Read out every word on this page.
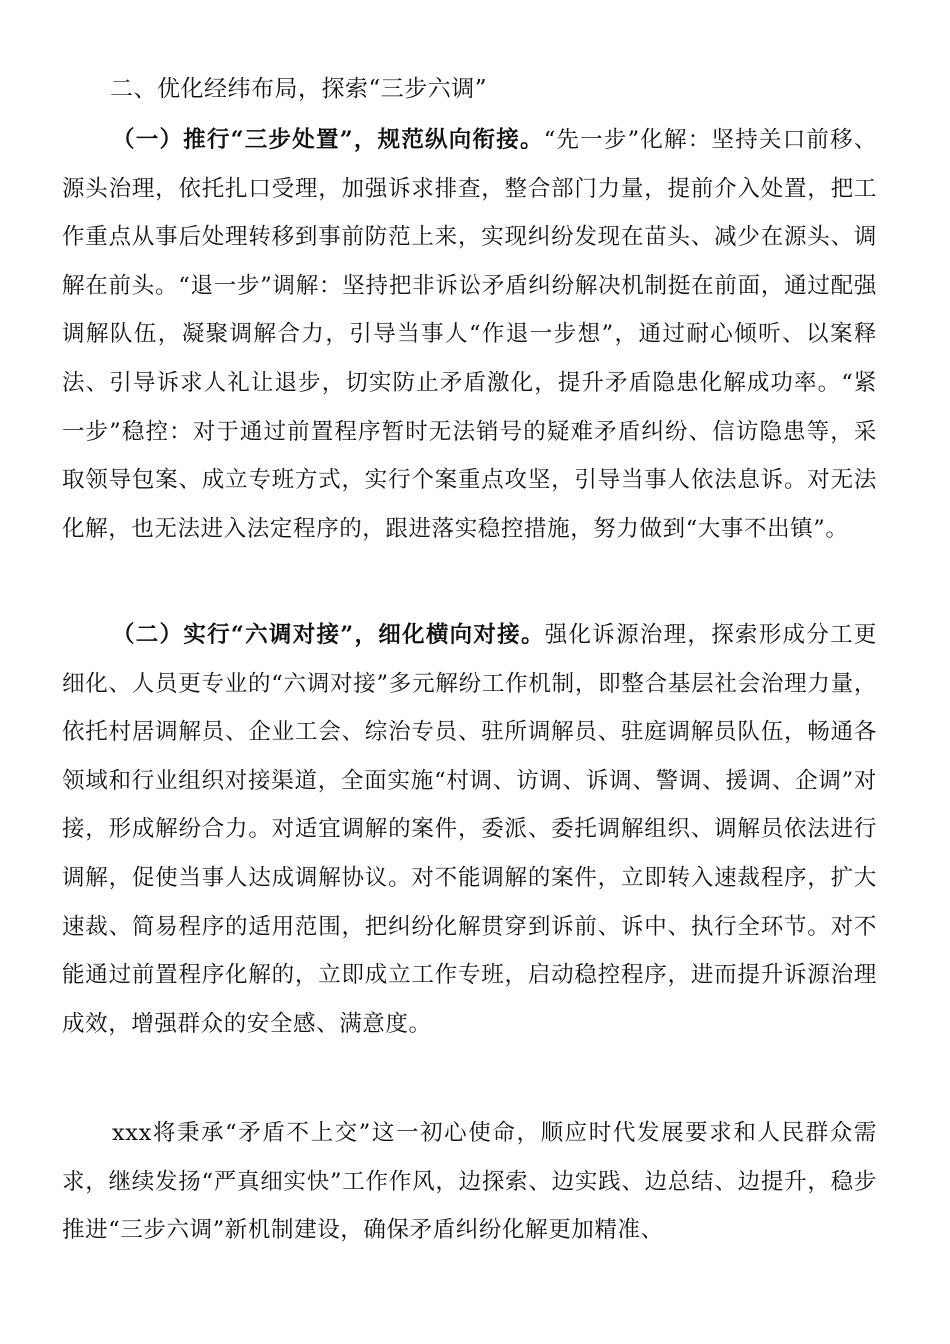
二、优化经纬布局，探索“三步六调”

（一）推行“三步处置”，规范纵向衔接。“先一步”化解：坚持关口前移、源头治理，依托扎口受理，加强诉求排查，整合部门力量，提前介入处置，把工作重点从事后处理转移到事前防范上来，实现纠纷发现在苗头、减少在源头、调解在前头。“退一步”调解：坚持把非诉讼矛盾纠纷解决机制挺在前面，通过配强调解队伍，凝聚调解合力，引导当事人“作退一步想”，通过耐心倾听、以案释法、引导诉求人礼让退步，切实防止矛盾激化，提升矛盾隐患化解成功率。“紧一步”稳控：对于通过前置程序暂时无法销号的疑难矛盾纠纷、信访隐患等，采取领导包案、成立专班方式，实行个案重点攻坚，引导当事人依法息诉。对无法化解，也无法进入法定程序的，跟进落实稳控措施，努力做到“大事不出镇”。

（二）实行“六调对接”，细化横向对接。强化诉源治理，探索形成分工更细化、人员更专业的“六调对接”多元解纷工作机制，即整合基层社会治理力量，依托村居调解员、企业工会、综治专员、驻所调解员、驻庭调解员队伍，畅通各领域和行业组织对接渠道，全面实施“村调、访调、诉调、警调、援调、企调”对接，形成解纷合力。对适宜调解的案件，委派、委托调解组织、调解员依法进行调解，促使当事人达成调解协议。对不能调解的案件，立即转入速裁程序，扩大速裁、简易程序的适用范围，把纠纷化解贯穿到诉前、诉中、执行全环节。对不能通过前置程序化解的，立即成立工作专班，启动稳控程序，进而提升诉源治理成效，增强群众的安全感、满意度。

xxx将秉承“矛盾不上交”这一初心使命，顺应时代发展要求和人民群众需求，继续发扬“严真细实快”工作作风，边探索、边实践、边总结、边提升，稳步推进“三步六调”新机制建设，确保矛盾纠纷化解更加精准、
